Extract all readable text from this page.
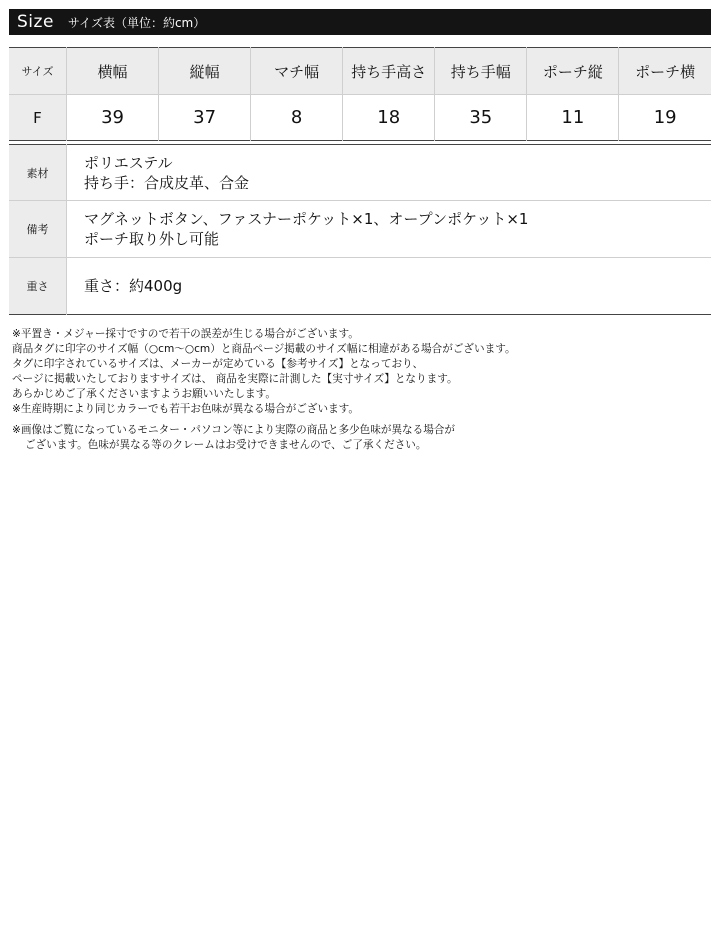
Size サイズ表（単位：約cm）
サイズ	横幅	縦幅	マチ幅	持ち手高さ	持ち手幅	ポーチ縦	ポーチ横
F	39	37	8	18	35	11	19
素材	ポリエステル
持ち手：合成皮革、合金

備考	マグネットボタン、ファスナーポケット×1、オープンポケット×1
ポーチ取り外し可能

重さ	重さ：約400g
※平置き・メジャー採寸ですので若干の誤差が生じる場合がございます。
商品タグに印字のサイズ幅（○cm～○cm）と商品ページ掲載のサイズ幅に相違がある場合がございます。
タグに印字されているサイズは、メーカーが定めている【参考サイズ】となっており、
ページに掲載いたしておりますサイズは、 商品を実際に計測した【実寸サイズ】となります。
あらかじめご了承くださいますようお願いいたします。
※生産時期により同じカラーでも若干お色味が異なる場合がございます。
※画像はご覧になっているモニター・パソコン等により実際の商品と多少色味が異なる場合が
ございます。色味が異なる等のクレームはお受けできませんので、ご了承ください。
